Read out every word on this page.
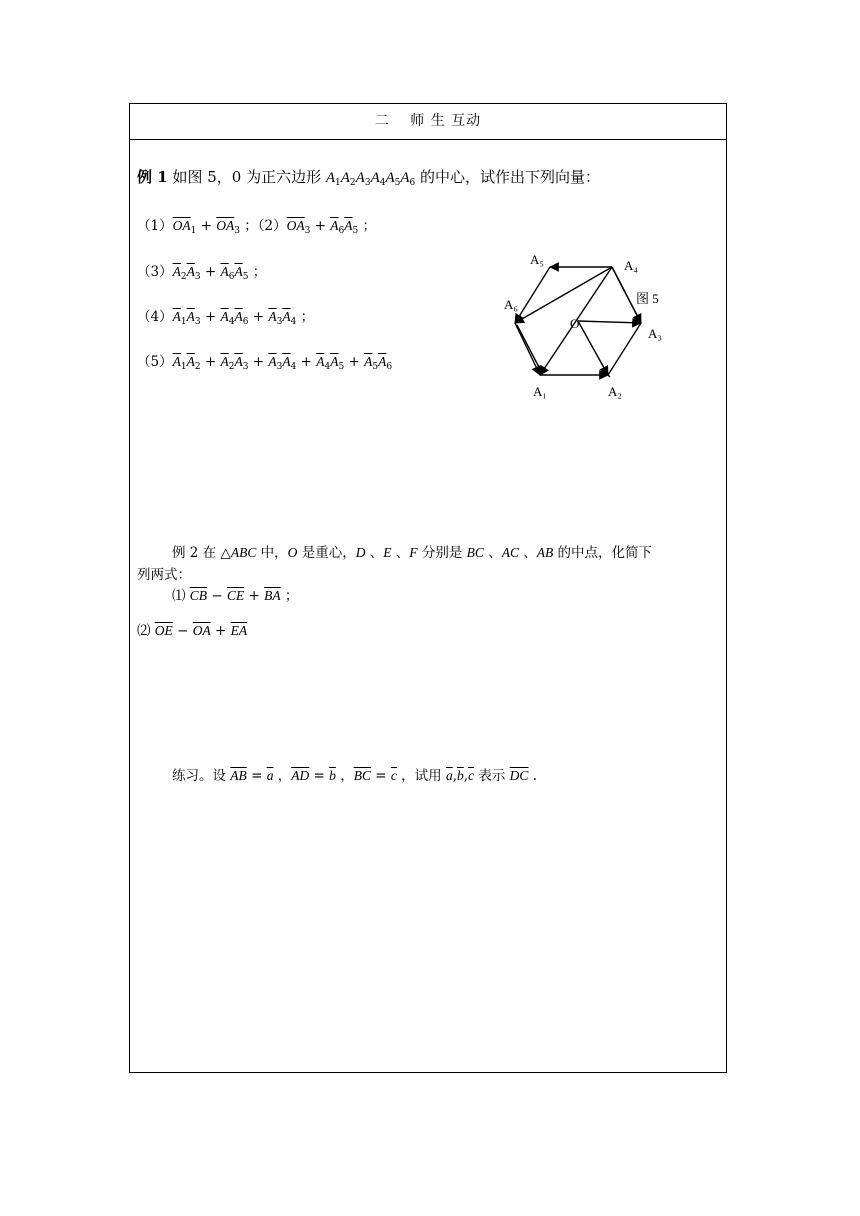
二　 师 生 互动
例 1 如图 5，0 为正六边形 $A_1A_2A_3A_4A_5A_6$ 的中心，试作出下列向量：
$(1)\overline{OA}_1 + \overline{OA}_3$ ；$(2)\overline{OA}_3 + \overline{A}_6\overline{A}_5$ ；
$(3)\overline{A}_2\overline{A}_3 + \overline{A}_6\overline{A}_5$ ；
$(4)\overline{A}_1\overline{A}_3 + \overline{A}_4\overline{A}_6 + \overline{A}_3\overline{A}_4$ ；
$(5)\overline{A}_1\overline{A}_2 + \overline{A}_2\overline{A}_3 + \overline{A}_3\overline{A}_4 + \overline{A}_4\overline{A}_5 + \overline{A}_5\overline{A}_6$
O
A₁	A₂
A₃
A₄
A₅
A₆	图 5
例 2 在 △ABC 中，O 是重心，D 、E 、F 分别是 BC 、AC 、AB 的中点，化简下
列两式：
⑴ $\overline{CB} - \overline{CE} + \overline{BA}$ ；
⑵ $\overline{OE} - \overline{OA} + \overline{EA}$
练习。设 $\overline{AB} = \overline{a}$ ，$\overline{AD} = \overline{b}$ ，$\overline{BC} = \overline{c}$ ，试用 $\overline{a},\overline{b},\overline{c}$ 表示 $\overline{DC}$ .
